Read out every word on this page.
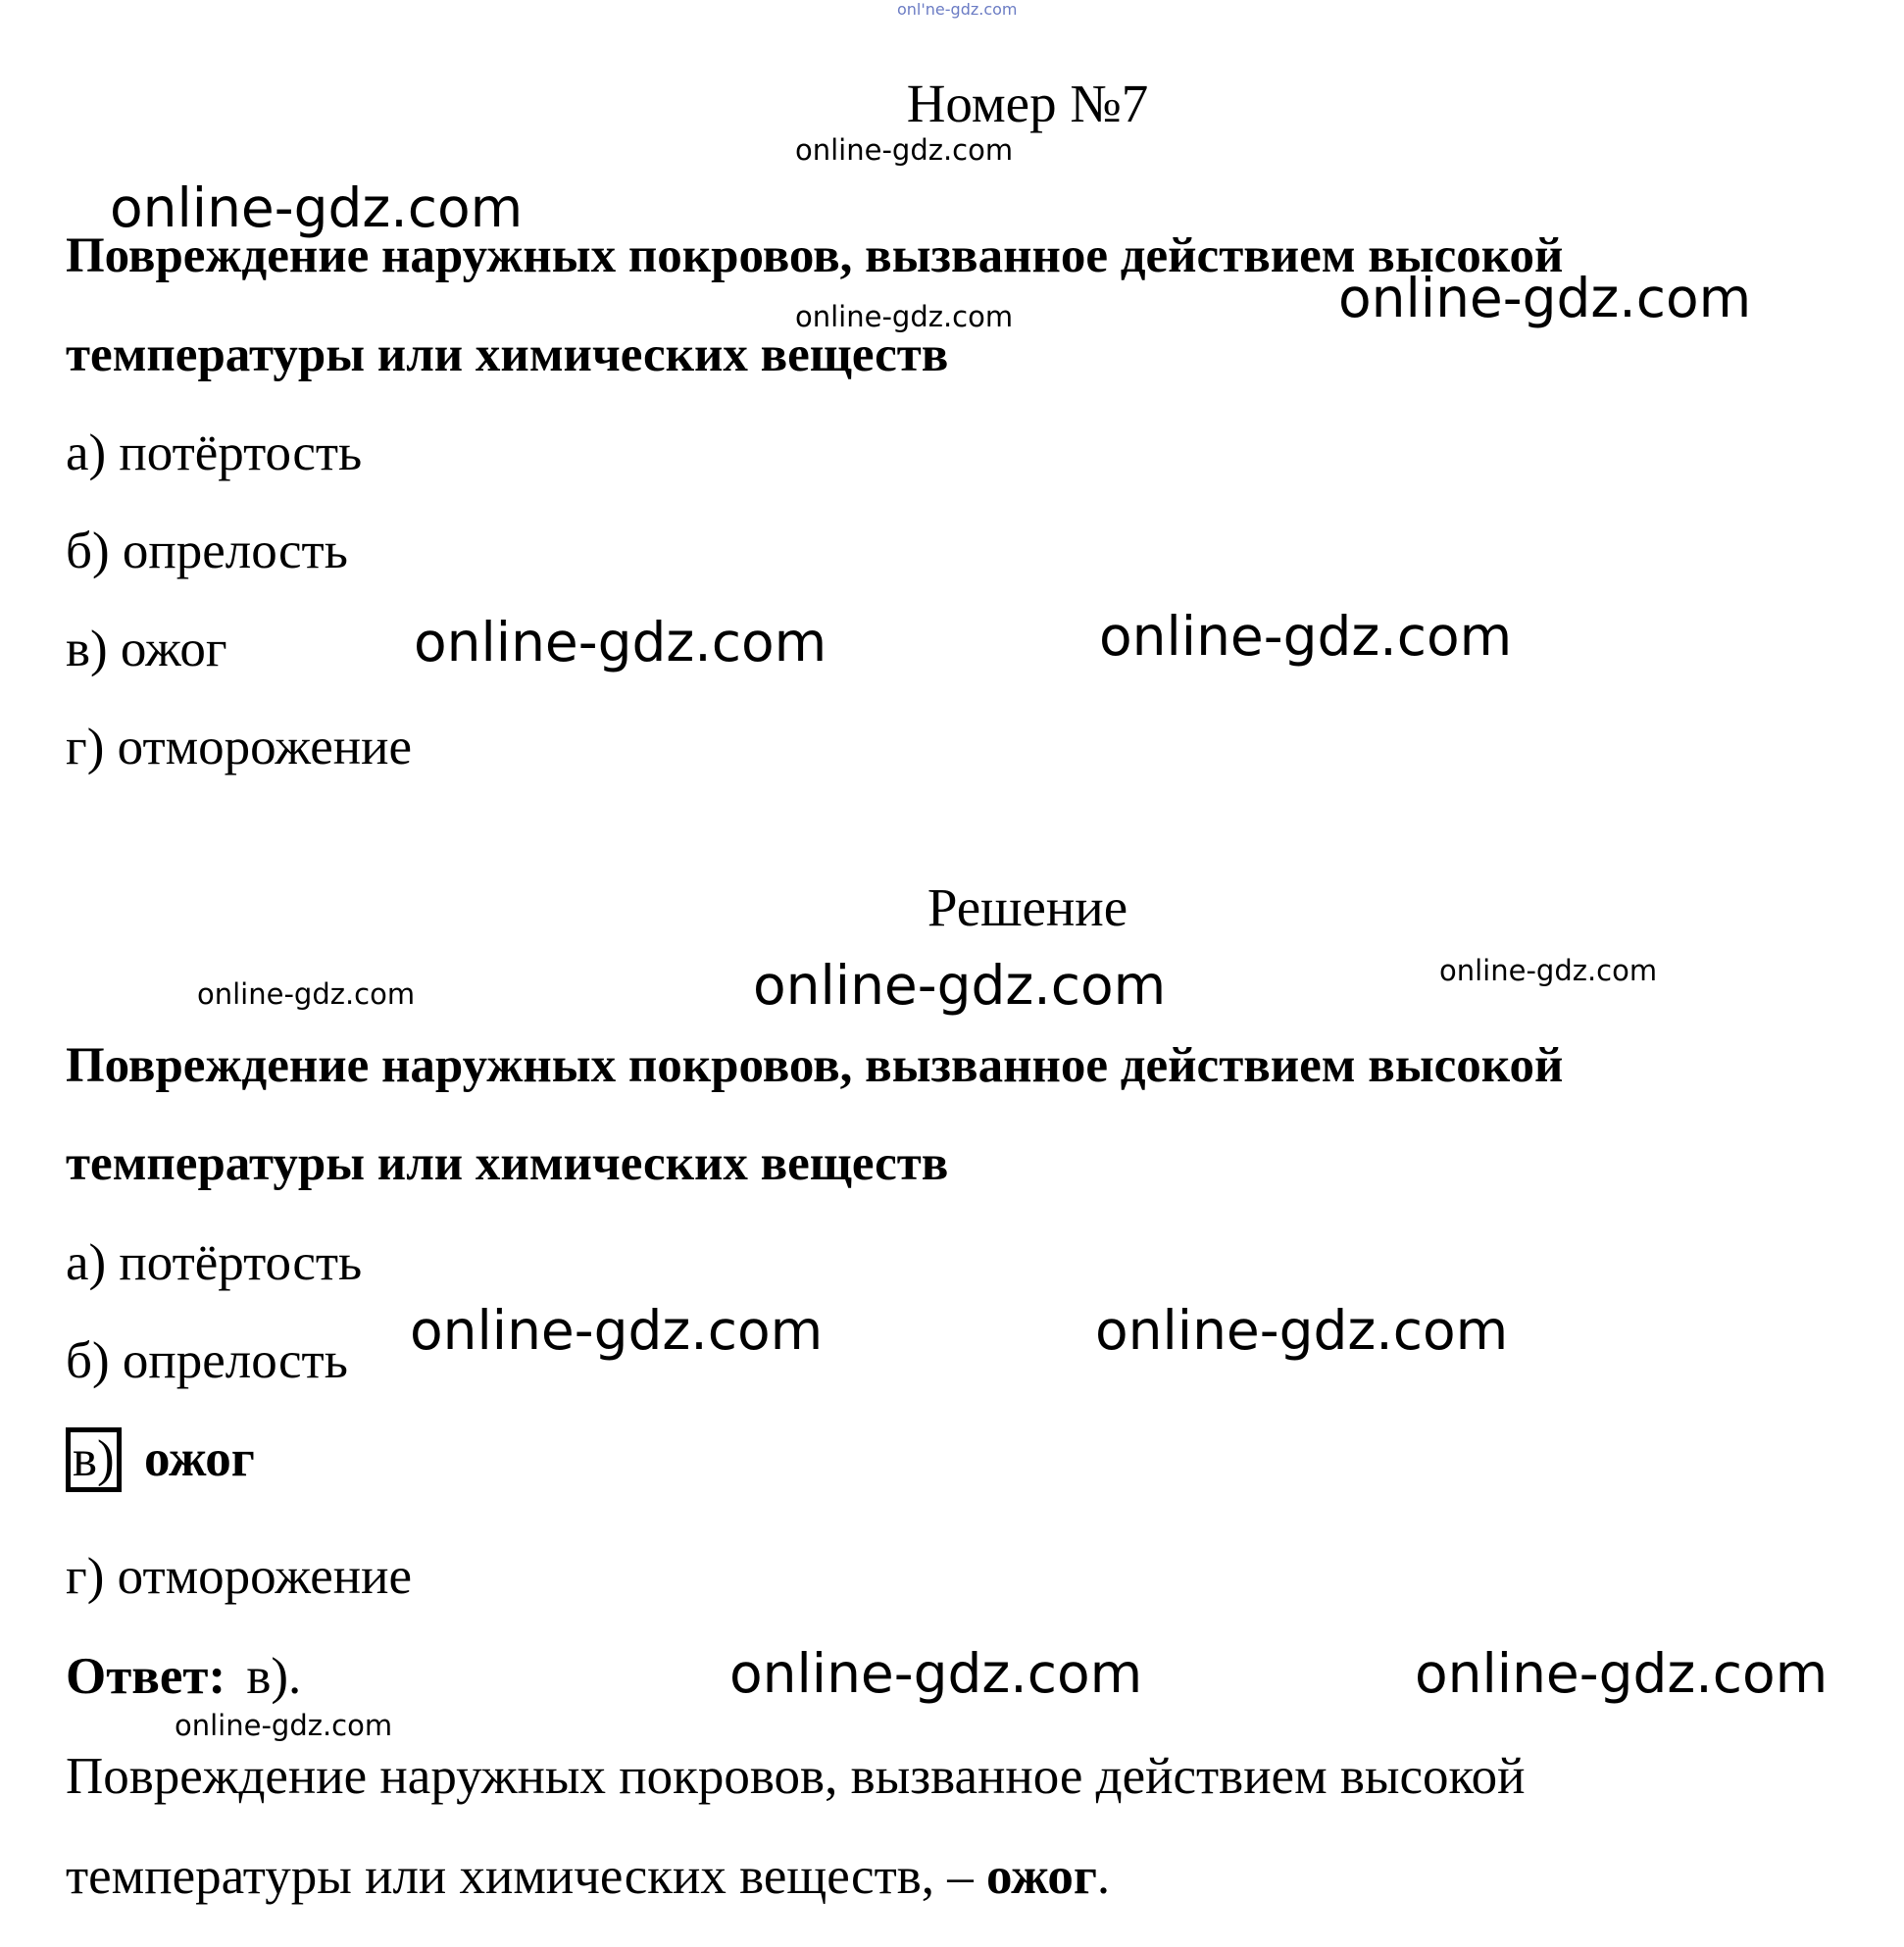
onl'ne-gdz.com
Номер №7
online-gdz.com
online-gdz.com
Повреждение наружных покровов, вызванное действием высокой
online-gdz.com	online-gdz.com
температуры или химических веществ
а) потёртость
б) опрелость
в) ожог	online-gdz.com	online-gdz.com
г) отморожение
Решение
online-gdz.com	online-gdz.com	online-gdz.com
Повреждение наружных покровов, вызванное действием высокой
температуры или химических веществ
а) потёртость
б) опрелость online-gdz.com	online-gdz.com
в) ожог
г) отморожение
Ответ: в).	online-gdz.com	online-gdz.com
online-gdz.com
Повреждение наружных покровов, вызванное действием высокой
температуры или химических веществ, – ожог.
